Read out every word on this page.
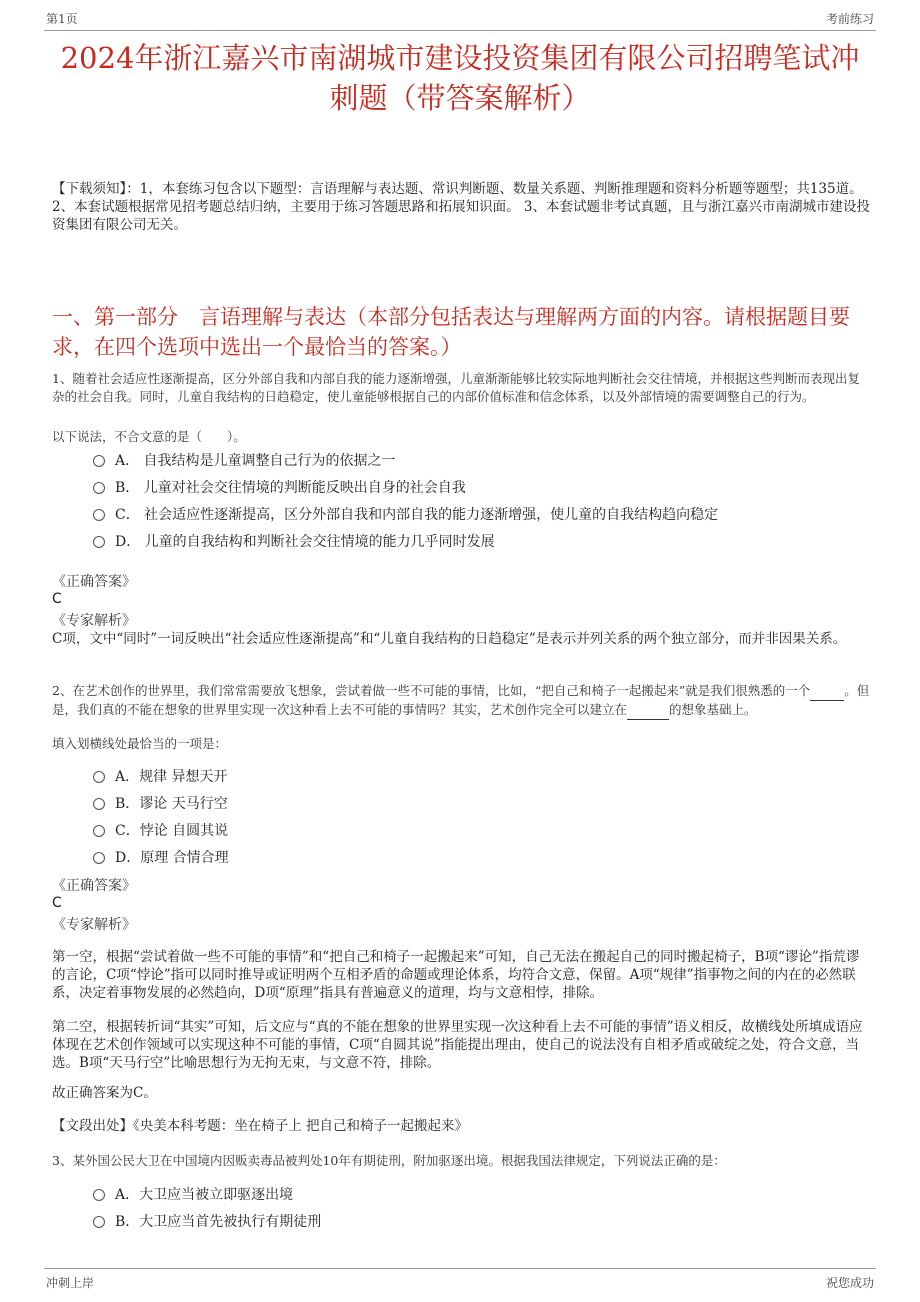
第1页	考前练习
2024年浙江嘉兴市南湖城市建设投资集团有限公司招聘笔试冲刺题（带答案解析）
【下载须知】：1，本套练习包含以下题型：言语理解与表达题、常识判断题、数量关系题、判断推理题和资料分析题等题型；共135道。 2、本套试题根据常见招考题总结归纳，主要用于练习答题思路和拓展知识面。 3、本套试题非考试真题，且与浙江嘉兴市南湖城市建设投资集团有限公司无关。
一、第一部分　言语理解与表达（本部分包括表达与理解两方面的内容。请根据题目要求，在四个选项中选出一个最恰当的答案。）
1、随着社会适应性逐渐提高，区分外部自我和内部自我的能力逐渐增强，儿童渐渐能够比较实际地判断社会交往情境，并根据这些判断而表现出复杂的社会自我。同时，儿童自我结构的日趋稳定，使儿童能够根据自己的内部价值标准和信念体系，以及外部情境的需要调整自己的行为。
以下说法，不合文意的是（　　）。
A． 自我结构是儿童调整自己行为的依据之一
B． 儿童对社会交往情境的判断能反映出自身的社会自我
C． 社会适应性逐渐提高，区分外部自我和内部自我的能力逐渐增强，使儿童的自我结构趋向稳定
D． 儿童的自我结构和判断社会交往情境的能力几乎同时发展
《正确答案》
C
《专家解析》
C项，文中“同时”一词反映出“社会适应性逐渐提高”和“儿童自我结构的日趋稳定”是表示并列关系的两个独立部分，而并非因果关系。
2、在艺术创作的世界里，我们常常需要放飞想象，尝试着做一些不可能的事情，比如，“把自己和椅子一起搬起来”就是我们很熟悉的一个	。但是，我们真的不能在想象的世界里实现一次这种看上去不可能的事情吗？其实，艺术创作完全可以建立在	的想象基础上。
填入划横线处最恰当的一项是：
A．规律 异想天开
B．谬论 天马行空
C．悖论 自圆其说
D．原理 合情合理
《正确答案》
C
《专家解析》
第一空，根据“尝试着做一些不可能的事情”和“把自己和椅子一起搬起来”可知，自己无法在搬起自己的同时搬起椅子，B项“谬论”指荒谬的言论，C项“悖论”指可以同时推导或证明两个互相矛盾的命题或理论体系，均符合文意，保留。A项“规律”指事物之间的内在的必然联系，决定着事物发展的必然趋向，D项“原理”指具有普遍意义的道理，均与文意相悖，排除。
第二空，根据转折词“其实”可知，后文应与“真的不能在想象的世界里实现一次这种看上去不可能的事情”语义相反，故横线处所填成语应体现在艺术创作领域可以实现这种不可能的事情，C项“自圆其说”指能提出理由，使自己的说法没有自相矛盾或破绽之处，符合文意，当选。B项“天马行空”比喻思想行为无拘无束，与文意不符，排除。
故正确答案为C。
【文段出处】《央美本科考题：坐在椅子上 把自己和椅子一起搬起来》
3、某外国公民大卫在中国境内因贩卖毒品被判处10年有期徒刑，附加驱逐出境。根据我国法律规定，下列说法正确的是：
A．大卫应当被立即驱逐出境
B．大卫应当首先被执行有期徒刑
冲刺上岸	祝您成功
